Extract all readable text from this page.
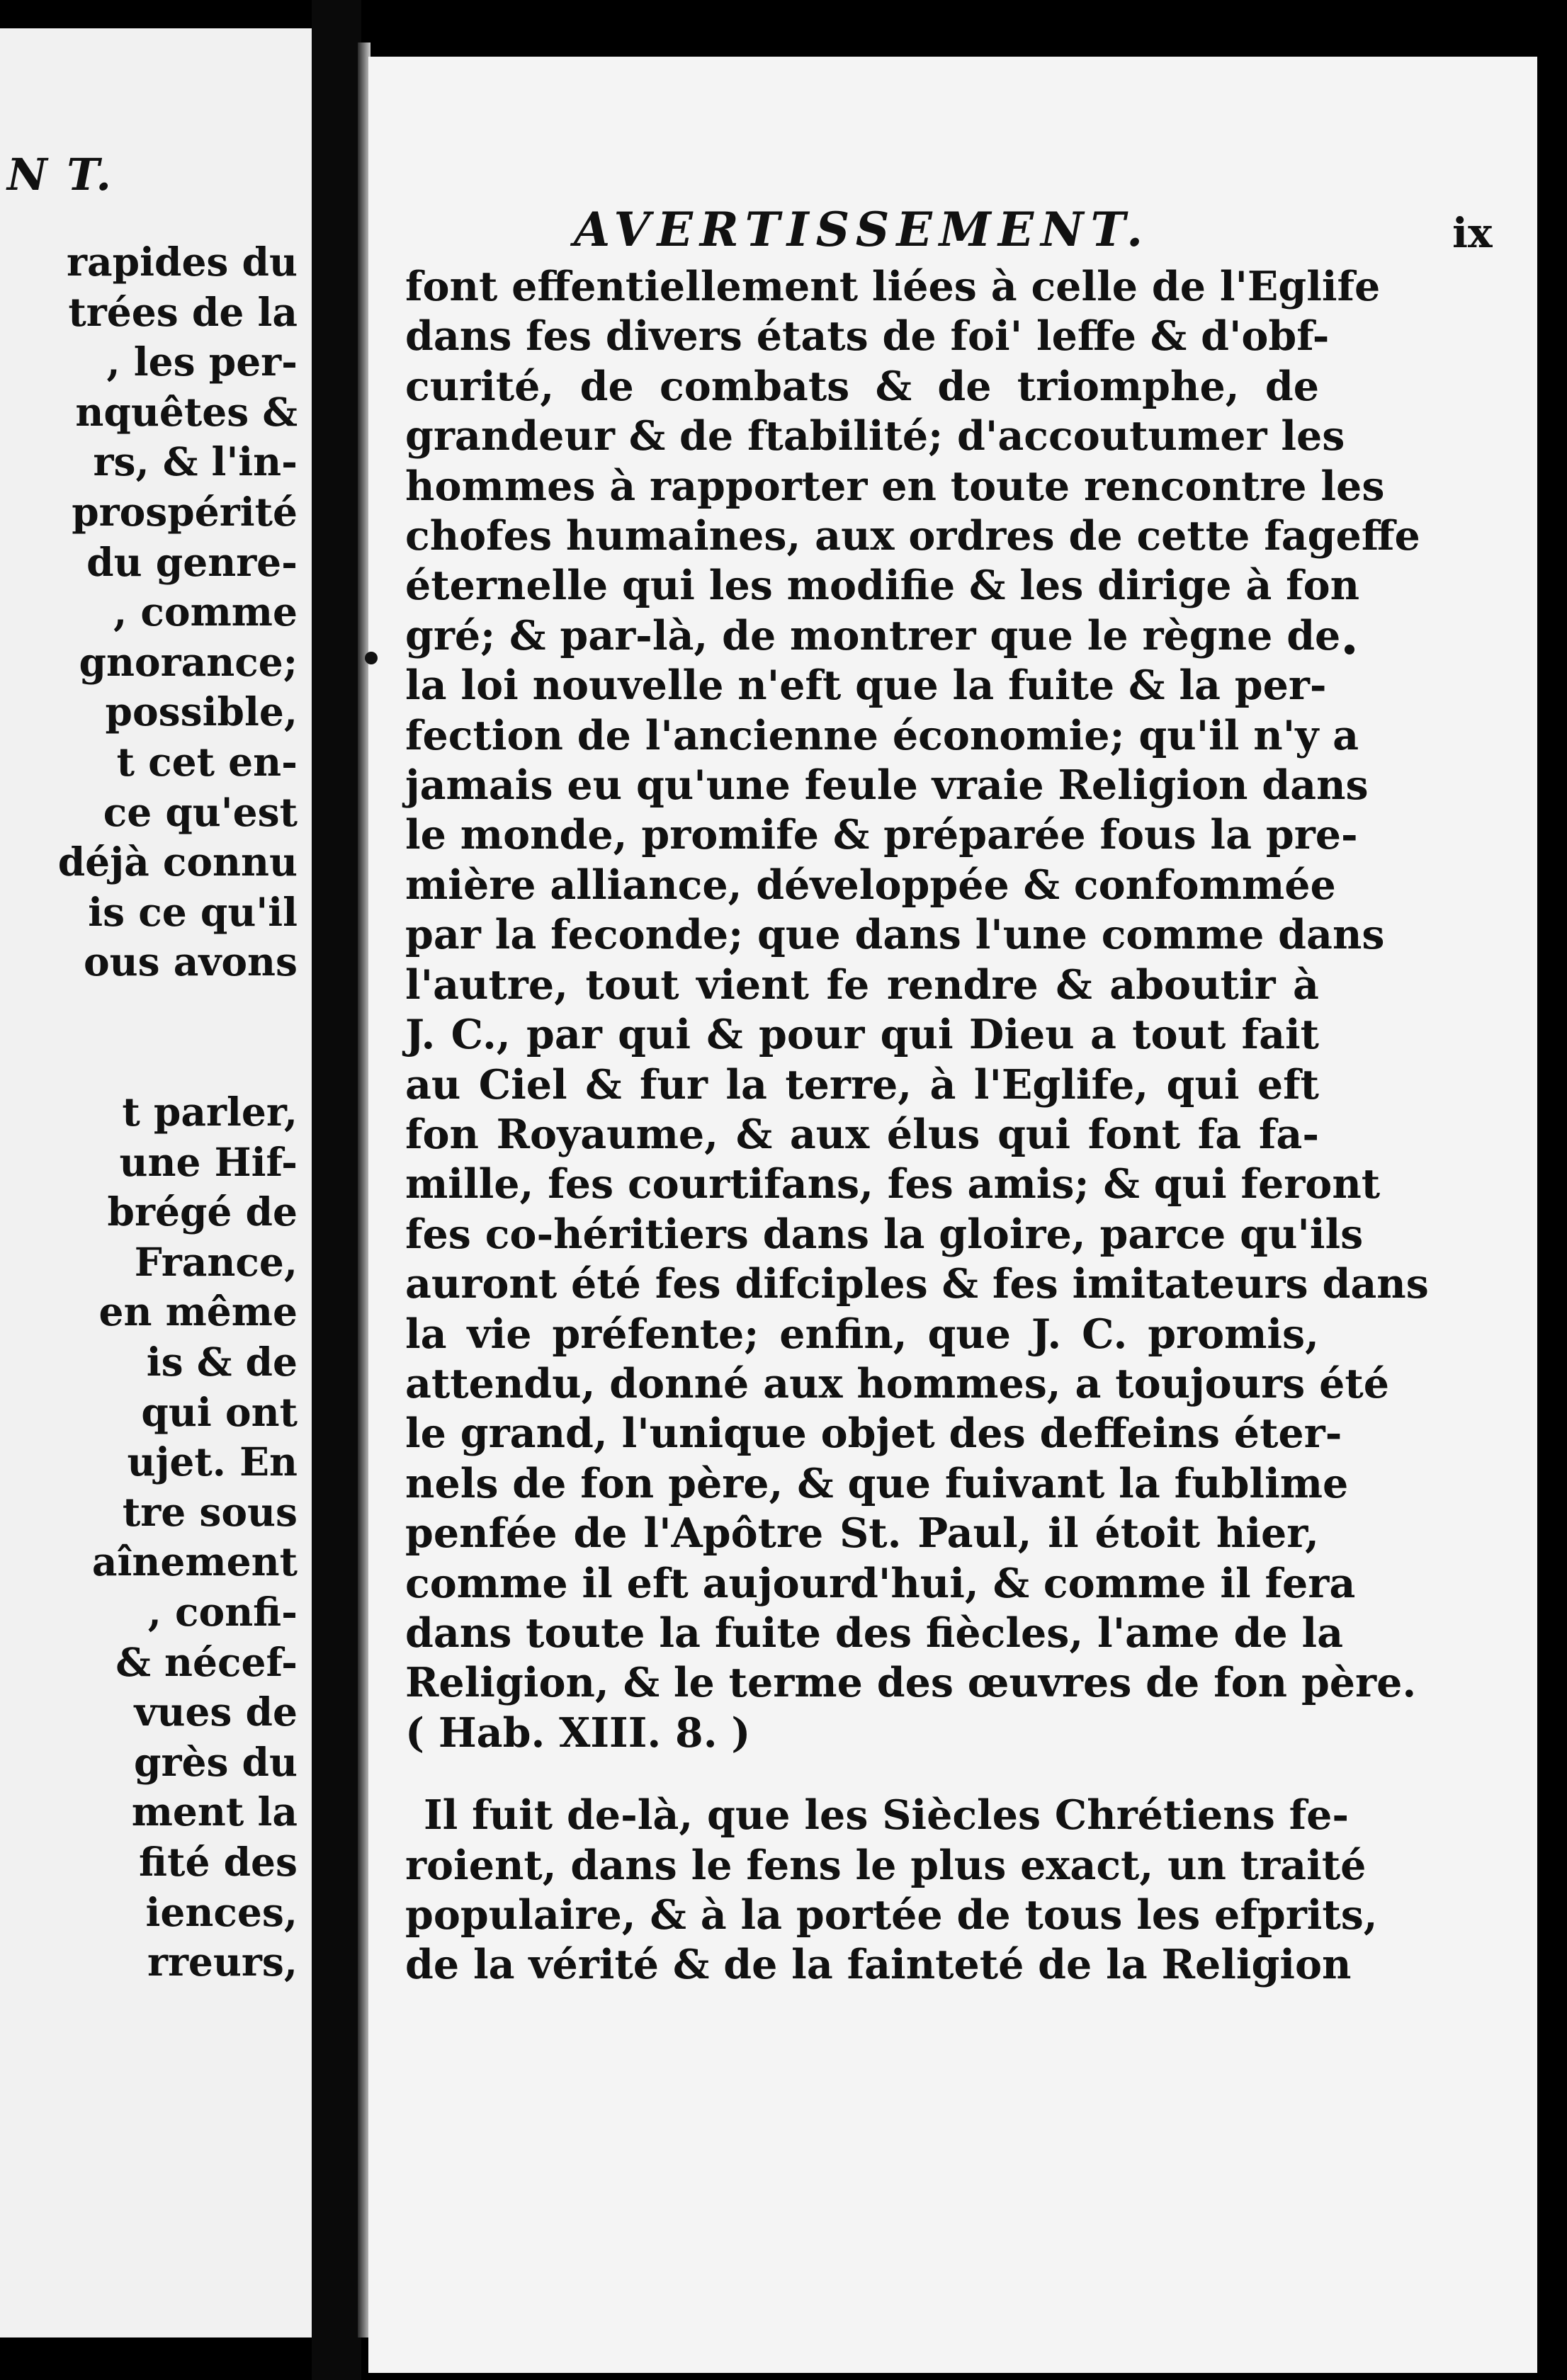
N T.
rapides du
trées de la
, les per-
nquêtes &
rs, & l'in-
prospérité
du genre-
, comme
gnorance;
possible,
t cet en-
ce qu'est
déjà connu
is ce qu'il
ous avons

t parler,
une Hif-
brégé de
France,
en même
is & de
qui ont
ujet. En
tre sous
aînement
, confi-
& nécef-
vues de
grès du
ment la
fité des
iences,
rreurs,
AVERTISSEMENT.	ix
font effentiellement liées à celle de l'Eglife
dans fes divers états de foi' leffe & d'obf-
curité, de combats & de triomphe, de
grandeur & de ftabilité; d'accoutumer les
hommes à rapporter en toute rencontre les
chofes humaines, aux ordres de cette fageffe
éternelle qui les modifie & les dirige à fon
gré; & par-là, de montrer que le règne de
la loi nouvelle n'eft que la fuite & la per-
fection de l'ancienne économie; qu'il n'y a
jamais eu qu'une feule vraie Religion dans
le monde, promife & préparée fous la pre-
mière alliance, développée & confommée
par la feconde; que dans l'une comme dans
l'autre, tout vient fe rendre & aboutir à
J. C., par qui & pour qui Dieu a tout fait
au Ciel & fur la terre, à l'Eglife, qui eft
fon Royaume, & aux élus qui font fa fa-
mille, fes courtifans, fes amis; & qui feront
fes co-héritiers dans la gloire, parce qu'ils
auront été fes difciples & fes imitateurs dans
la vie préfente; enfin, que J. C. promis,
attendu, donné aux hommes, a toujours été
le grand, l'unique objet des deffeins éter-
nels de fon père, & que fuivant la fublime
penfée de l'Apôtre St. Paul, il étoit hier,
comme il eft aujourd'hui, & comme il fera
dans toute la fuite des fiècles, l'ame de la
Religion, & le terme des œuvres de fon père.
( Hab. XIII. 8. )
Il fuit de-là, que les Siècles Chrétiens fe-
roient, dans le fens le plus exact, un traité
populaire, & à la portée de tous les efprits,
de la vérité & de la fainteté de la Religion
